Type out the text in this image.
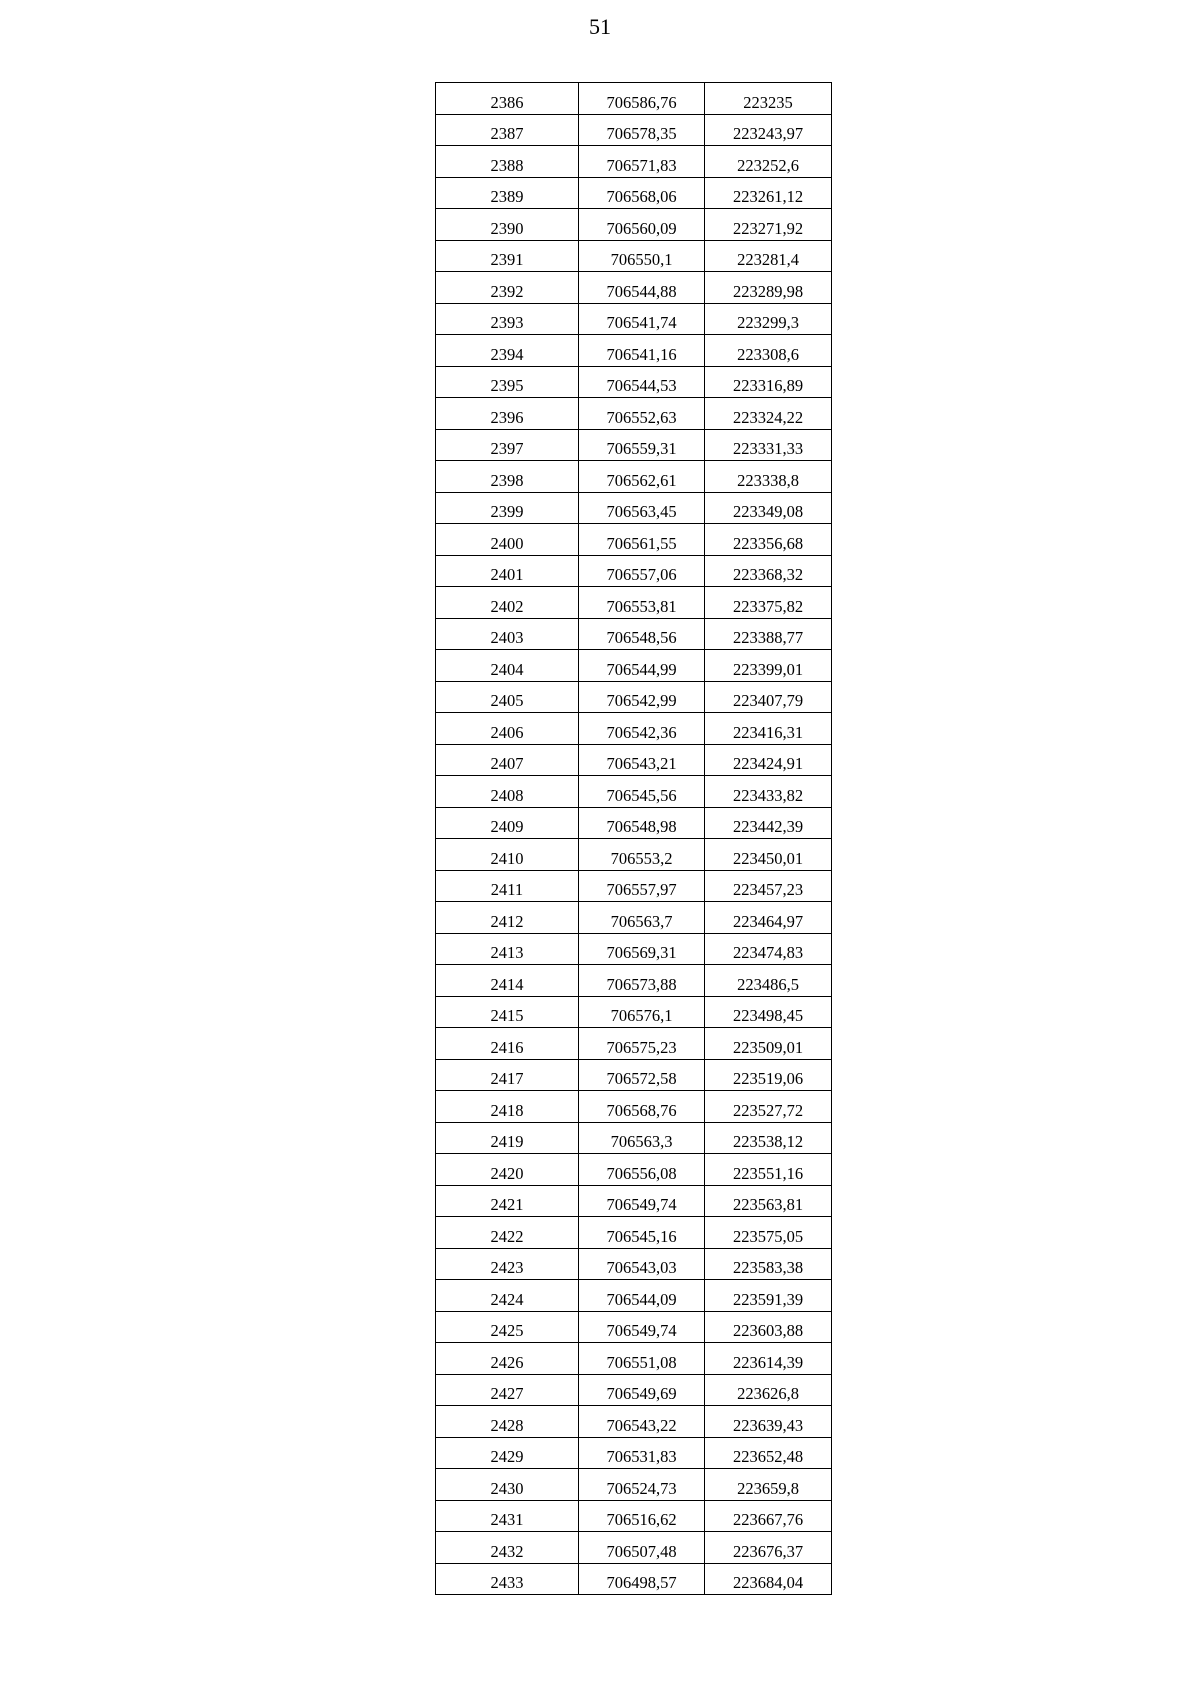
51
2386	706586,76	223235
2387	706578,35	223243,97
2388	706571,83	223252,6
2389	706568,06	223261,12
2390	706560,09	223271,92
2391	706550,1	223281,4
2392	706544,88	223289,98
2393	706541,74	223299,3
2394	706541,16	223308,6
2395	706544,53	223316,89
2396	706552,63	223324,22
2397	706559,31	223331,33
2398	706562,61	223338,8
2399	706563,45	223349,08
2400	706561,55	223356,68
2401	706557,06	223368,32
2402	706553,81	223375,82
2403	706548,56	223388,77
2404	706544,99	223399,01
2405	706542,99	223407,79
2406	706542,36	223416,31
2407	706543,21	223424,91
2408	706545,56	223433,82
2409	706548,98	223442,39
2410	706553,2	223450,01
2411	706557,97	223457,23
2412	706563,7	223464,97
2413	706569,31	223474,83
2414	706573,88	223486,5
2415	706576,1	223498,45
2416	706575,23	223509,01
2417	706572,58	223519,06
2418	706568,76	223527,72
2419	706563,3	223538,12
2420	706556,08	223551,16
2421	706549,74	223563,81
2422	706545,16	223575,05
2423	706543,03	223583,38
2424	706544,09	223591,39
2425	706549,74	223603,88
2426	706551,08	223614,39
2427	706549,69	223626,8
2428	706543,22	223639,43
2429	706531,83	223652,48
2430	706524,73	223659,8
2431	706516,62	223667,76
2432	706507,48	223676,37
2433	706498,57	223684,04
